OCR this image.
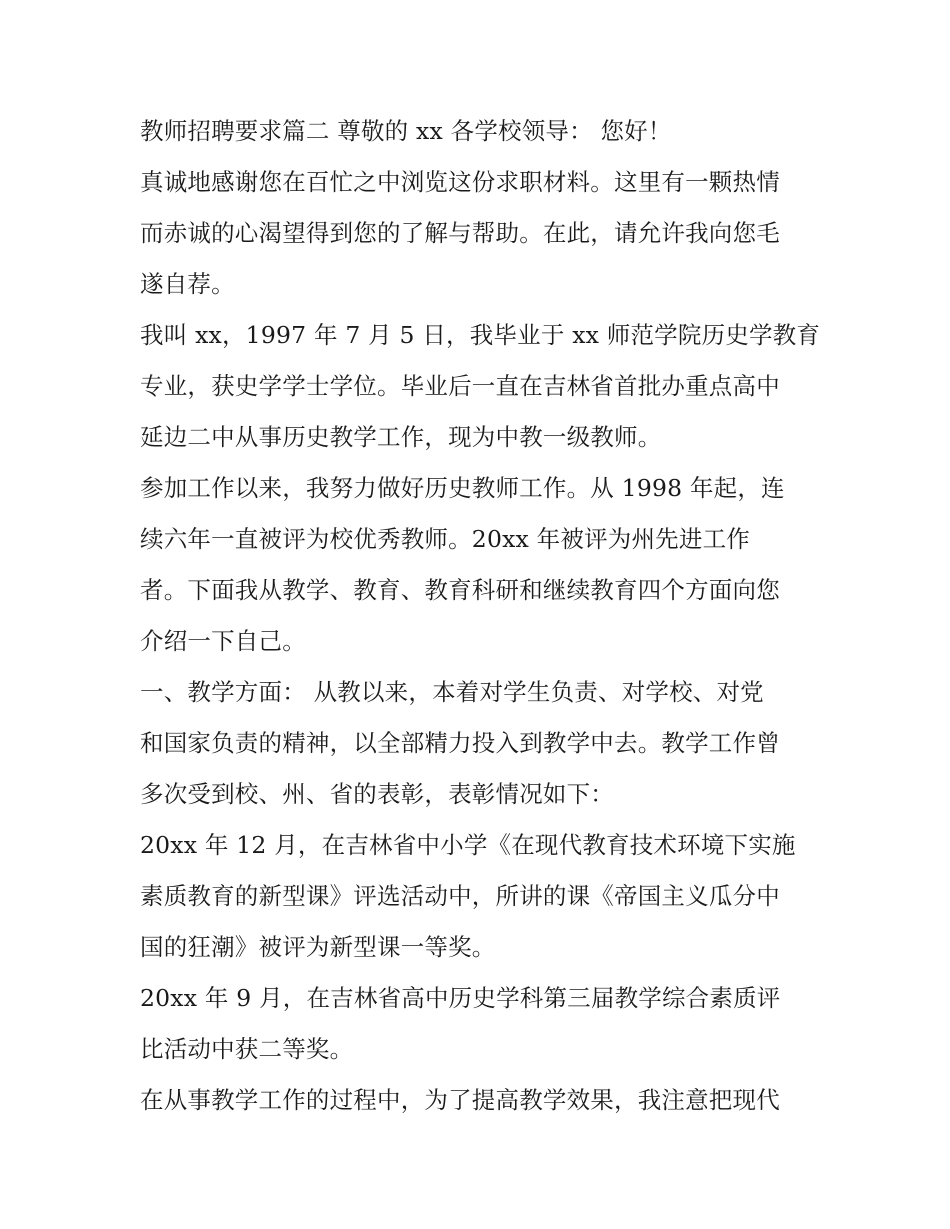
教师招聘要求篇二 尊敬的 xx 各学校领导： 您好！
真诚地感谢您在百忙之中浏览这份求职材料。这里有一颗热情
而赤诚的心渴望得到您的了解与帮助。在此，请允许我向您毛
遂自荐。
我叫 xx，1997 年 7 月 5 日，我毕业于 xx 师范学院历史学教育
专业，获史学学士学位。毕业后一直在吉林省首批办重点高中
延边二中从事历史教学工作，现为中教一级教师。
参加工作以来，我努力做好历史教师工作。从 1998 年起，连
续六年一直被评为校优秀教师。20xx 年被评为州先进工作
者。下面我从教学、教育、教育科研和继续教育四个方面向您
介绍一下自己。
一、教学方面： 从教以来，本着对学生负责、对学校、对党
和国家负责的精神，以全部精力投入到教学中去。教学工作曾
多次受到校、州、省的表彰，表彰情况如下：
20xx 年 12 月，在吉林省中小学《在现代教育技术环境下实施
素质教育的新型课》评选活动中，所讲的课《帝国主义瓜分中
国的狂潮》被评为新型课一等奖。
20xx 年 9 月，在吉林省高中历史学科第三届教学综合素质评
比活动中获二等奖。
在从事教学工作的过程中，为了提高教学效果，我注意把现代
